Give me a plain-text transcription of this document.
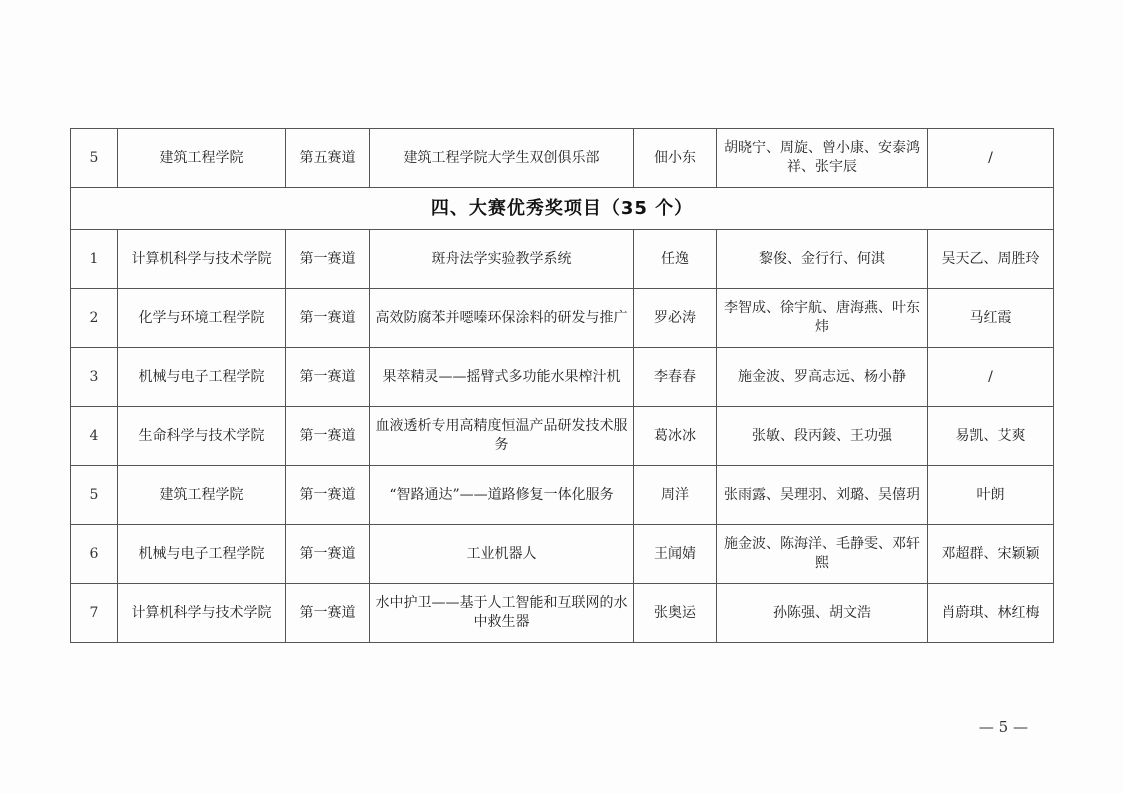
5	建筑工程学院	第五赛道	建筑工程学院大学生双创俱乐部	佃小东	胡晓宁、周旋、曾小康、安泰鸿祥、张宇辰	/
四、大赛优秀奖项目（35 个）						
1	计算机科学与技术学院	第一赛道	斑舟法学实验教学系统	任逸	黎俊、金行行、何淇	吴天乙、周胜玲
2	化学与环境工程学院	第一赛道	高效防腐苯并噁嗪环保涂料的研发与推广	罗必涛	李智成、徐宇航、唐海燕、叶东炜	马红霞
3	机械与电子工程学院	第一赛道	果萃精灵——摇臂式多功能水果榨汁机	李春春	施金波、罗高志远、杨小静	/
4	生命科学与技术学院	第一赛道	血液透析专用高精度恒温产品研发技术服务	葛冰冰	张敏、段丙錂、王功强	易凯、艾爽
5	建筑工程学院	第一赛道	“智路通达”——道路修复一体化服务	周洋	张雨露、吴理羽、刘璐、吴僖玥	叶朗
6	机械与电子工程学院	第一赛道	工业机器人	王闻婧	施金波、陈海洋、毛静雯、邓轩熙	邓超群、宋颖颖
7	计算机科学与技术学院	第一赛道	水中护卫——基于人工智能和互联网的水中救生器	张奥运	孙陈强、胡文浩	肖蔚琪、林红梅
— 5 —
